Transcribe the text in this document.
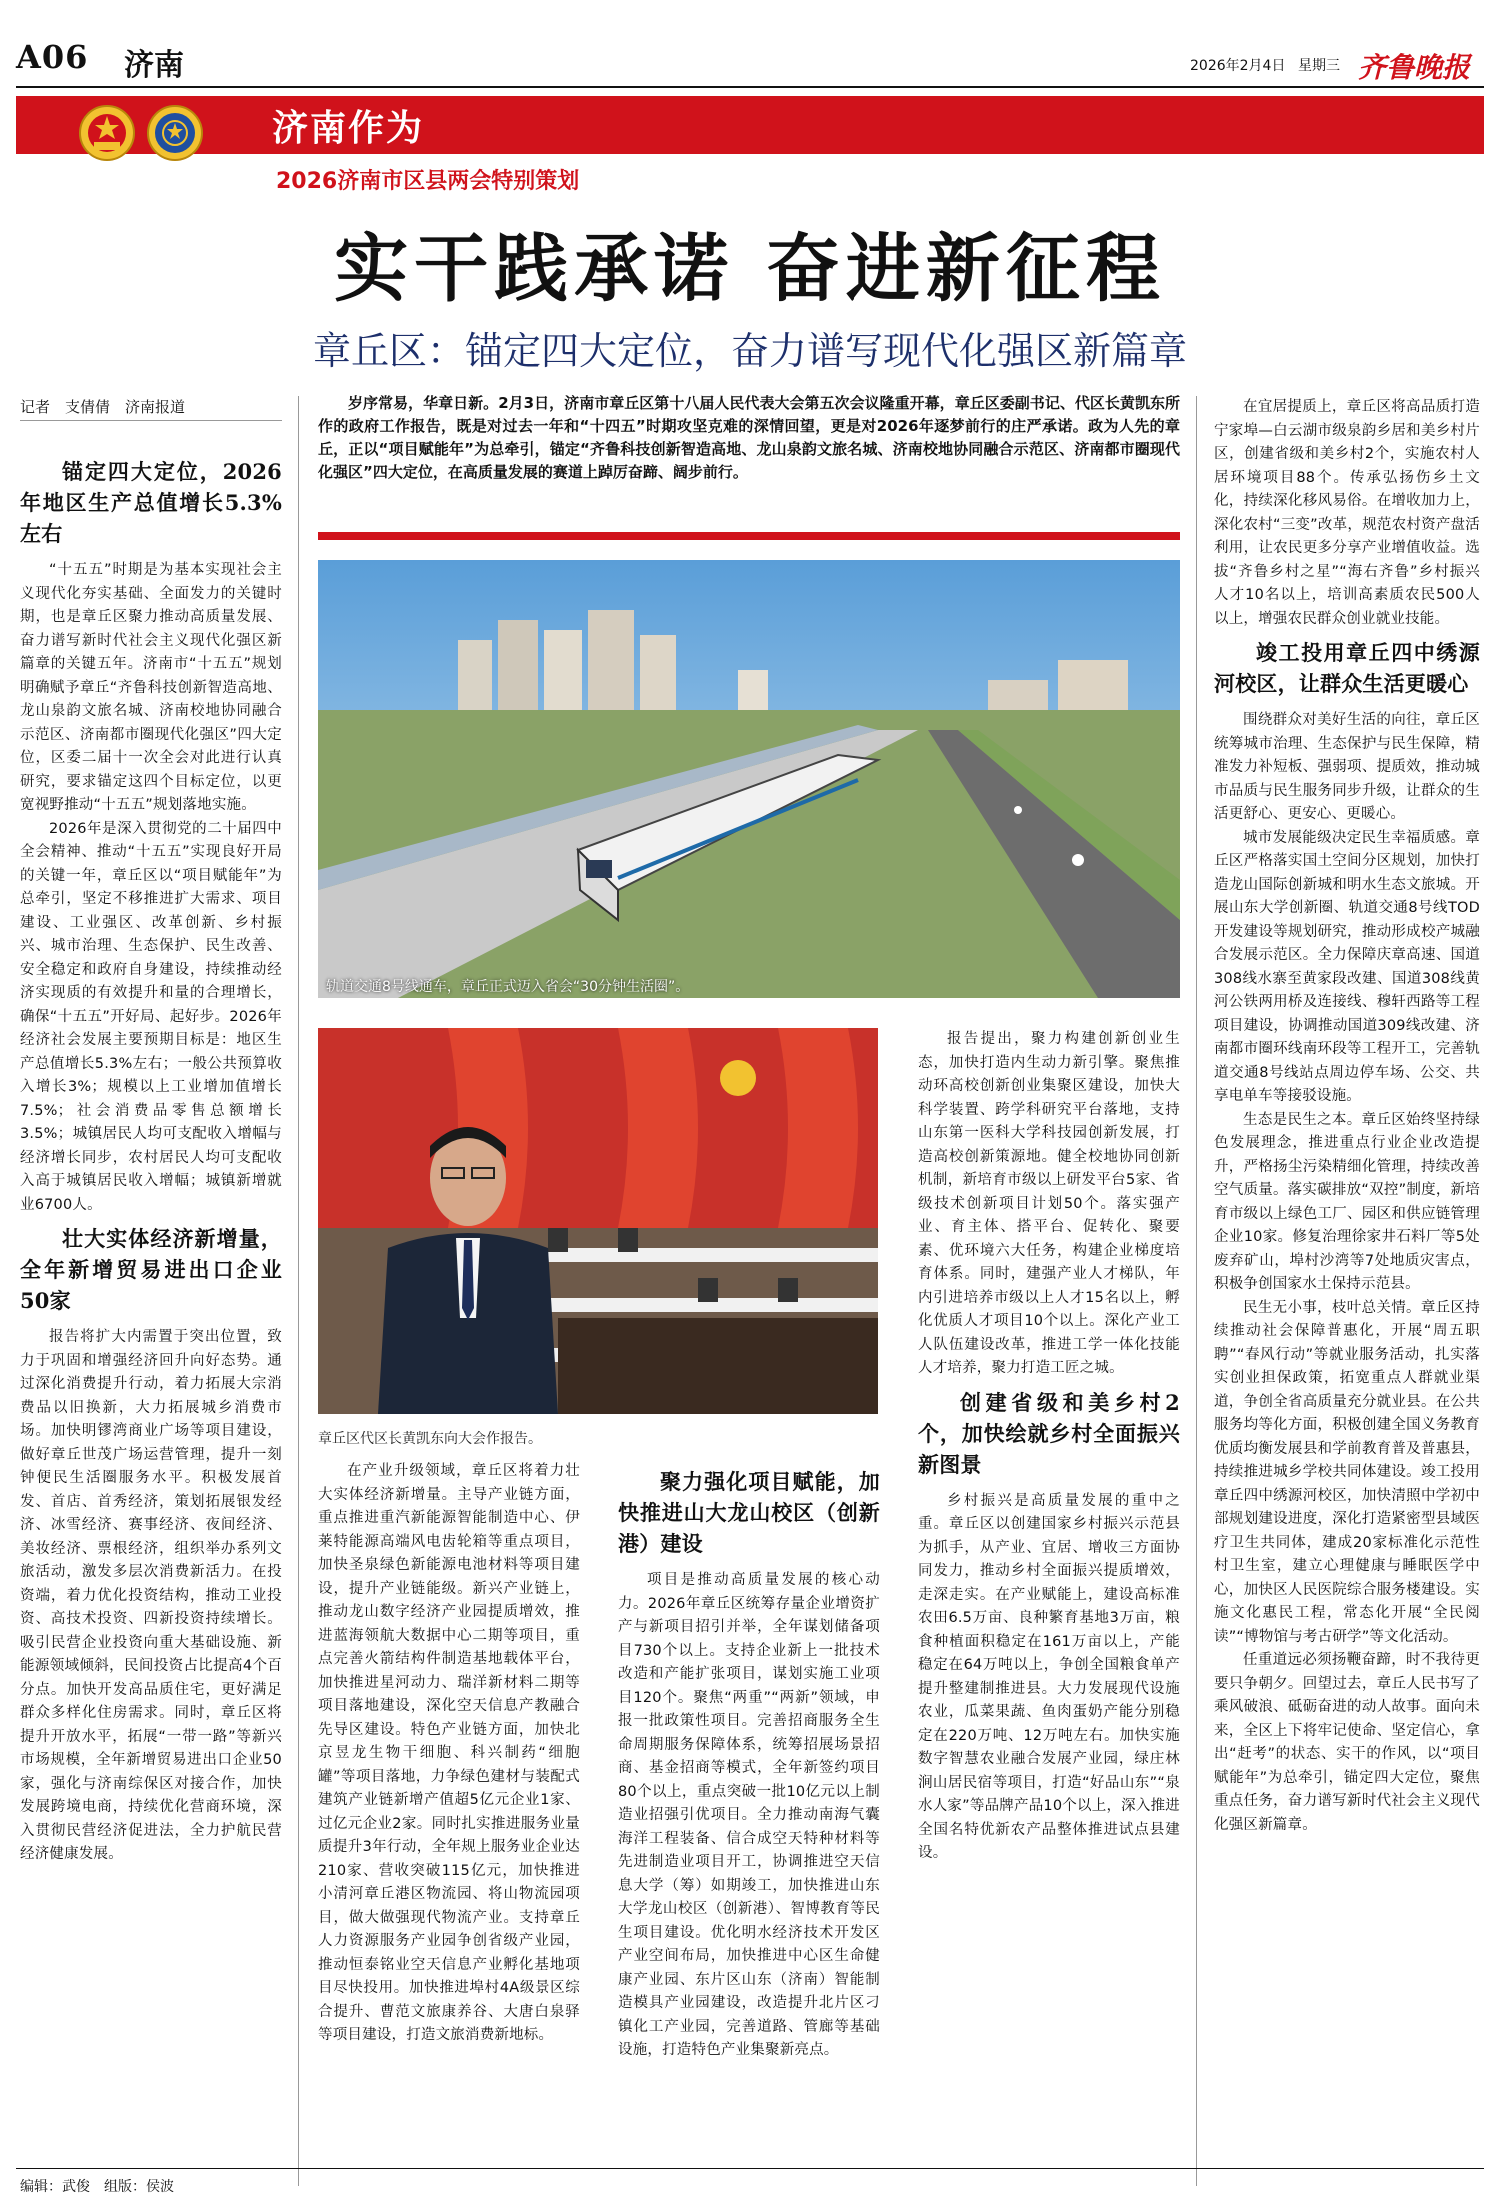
A06 济南	2026年2月4日 星期三 齐鲁晚报
济南作为
2026济南市区县两会特别策划
实干践承诺 奋进新征程
章丘区：锚定四大定位，奋力谱写现代化强区新篇章
记者　支倩倩　济南报道	岁序常易，华章日新。2月3日，济南市章丘区第十八届人民代表大会第五次会议隆重开幕，章丘区委副书记、代区长黄凯东所作的政府工作报告，既是对过去一年和“十四五”时期攻坚克难的深情回望，更是对2026年逐梦前行的庄严承诺。政为人先的章丘，正以“项目赋能年”为总牵引，锚定“齐鲁科技创新智造高地、龙山泉韵文旅名城、济南校地协同融合示范区、济南都市圈现代化强区”四大定位，在高质量发展的赛道上踔厉奋蹄、阔步前行。
轨道交通8号线通车，章丘正式迈入省会“30分钟生活圈”。
章丘区代区长黄凯东向大会作报告。
锚定四大定位，2026年地区生产总值增长5.3%左右

“十五五”时期是为基本实现社会主义现代化夯实基础、全面发力的关键时期，也是章丘区聚力推动高质量发展、奋力谱写新时代社会主义现代化强区新篇章的关键五年。济南市“十五五”规划明确赋予章丘“齐鲁科技创新智造高地、龙山泉韵文旅名城、济南校地协同融合示范区、济南都市圈现代化强区”四大定位，区委二届十一次全会对此进行认真研究，要求锚定这四个目标定位，以更宽视野推动“十五五”规划落地实施。

2026年是深入贯彻党的二十届四中全会精神、推动“十五五”实现良好开局的关键一年，章丘区以“项目赋能年”为总牵引，坚定不移推进扩大需求、项目建设、工业强区、改革创新、乡村振兴、城市治理、生态保护、民生改善、安全稳定和政府自身建设，持续推动经济实现质的有效提升和量的合理增长，确保“十五五”开好局、起好步。2026年经济社会发展主要预期目标是：地区生产总值增长5.3%左右；一般公共预算收入增长3%；规模以上工业增加值增长7.5%；社会消费品零售总额增长3.5%；城镇居民人均可支配收入增幅与经济增长同步，农村居民人均可支配收入高于城镇居民收入增幅；城镇新增就业6700人。

壮大实体经济新增量，全年新增贸易进出口企业50家

报告将扩大内需置于突出位置，致力于巩固和增强经济回升向好态势。通过深化消费提升行动，着力拓展大宗消费品以旧换新，大力拓展城乡消费市场。加快明镠湾商业广场等项目建设，做好章丘世茂广场运营管理，提升一刻钟便民生活圈服务水平。积极发展首发、首店、首秀经济，策划拓展银发经济、冰雪经济、赛事经济、夜间经济、美妆经济、票根经济，组织举办系列文旅活动，激发多层次消费新活力。在投资端，着力优化投资结构，推动工业投资、高技术投资、四新投资持续增长。吸引民营企业投资向重大基础设施、新能源领域倾斜，民间投资占比提高4个百分点。加快开发高品质住宅，更好满足群众多样化住房需求。同时，章丘区将提升开放水平，拓展“一带一路”等新兴市场规模，全年新增贸易进出口企业50家，强化与济南综保区对接合作，加快发展跨境电商，持续优化营商环境，深入贯彻民营经济促进法，全力护航民营经济健康发展。

在产业升级领域，章丘区将着力壮大实体经济新增量。主导产业链方面，重点推进重汽新能源智能制造中心、伊莱特能源高端风电齿轮箱等重点项目，加快圣泉绿色新能源电池材料等项目建设，提升产业链能级。新兴产业链上，推动龙山数字经济产业园提质增效，推进蓝海领航大数据中心二期等项目，重点完善火箭结构件制造基地载体平台，加快推进星河动力、瑞洋新材料二期等项目落地建设，深化空天信息产教融合先导区建设。特色产业链方面，加快北京昱龙生物干细胞、科兴制药“细胞罐”等项目落地，力争绿色建材与装配式建筑产业链新增产值超5亿元企业1家、过亿元企业2家。同时扎实推进服务业量质提升3年行动，全年规上服务业企业达210家、营收突破115亿元，加快推进小清河章丘港区物流园、将山物流园项目，做大做强现代物流产业。支持章丘人力资源服务产业园争创省级产业园，推动恒泰铭业空天信息产业孵化基地项目尽快投用。加快推进埠村4A级景区综合提升、曹范文旅康养谷、大唐白泉驿等项目建设，打造文旅消费新地标。

聚力强化项目赋能，加快推进山大龙山校区（创新港）建设

项目是推动高质量发展的核心动力。2026年章丘区统筹存量企业增资扩产与新项目招引并举，全年谋划储备项目730个以上。支持企业新上一批技术改造和产能扩张项目，谋划实施工业项目120个。聚焦“两重”“两新”领域，申报一批政策性项目。完善招商服务全生命周期服务保障体系，统筹招展场景招商、基金招商等模式，全年新签约项目80个以上，重点突破一批10亿元以上制造业招强引优项目。全力推动南海气囊海洋工程装备、信合成空天特种材料等先进制造业项目开工，协调推进空天信息大学（筹）如期竣工，加快推进山东大学龙山校区（创新港）、智博教育等民生项目建设。优化明水经济技术开发区产业空间布局，加快推进中心区生命健康产业园、东片区山东（济南）智能制造模具产业园建设，改造提升北片区刁镇化工产业园，完善道路、管廊等基础设施，打造特色产业集聚新亮点。

报告提出，聚力构建创新创业生态，加快打造内生动力新引擎。聚焦推动环高校创新创业集聚区建设，加快大科学装置、跨学科研究平台落地，支持山东第一医科大学科技园创新发展，打造高校创新策源地。健全校地协同创新机制，新培育市级以上研发平台5家、省级技术创新项目计划50个。落实强产业、育主体、搭平台、促转化、聚要素、优环境六大任务，构建企业梯度培育体系。同时，建强产业人才梯队，年内引进培养市级以上人才15名以上，孵化优质人才项目10个以上。深化产业工人队伍建设改革，推进工学一体化技能人才培养，聚力打造工匠之城。

创建省级和美乡村2个，加快绘就乡村全面振兴新图景

乡村振兴是高质量发展的重中之重。章丘区以创建国家乡村振兴示范县为抓手，从产业、宜居、增收三方面协同发力，推动乡村全面振兴提质增效，走深走实。在产业赋能上，建设高标准农田6.5万亩、良种繁育基地3万亩，粮食种植面积稳定在161万亩以上，产能稳定在64万吨以上，争创全国粮食单产提升整建制推进县。大力发展现代设施农业，瓜菜果蔬、鱼肉蛋奶产能分别稳定在220万吨、12万吨左右。加快实施数字智慧农业融合发展产业园，绿庄林涧山居民宿等项目，打造“好品山东”“泉水人家”等品牌产品10个以上，深入推进全国名特优新农产品整体推进试点县建设。

在宜居提质上，章丘区将高品质打造宁家埠—白云湖市级泉韵乡居和美乡村片区，创建省级和美乡村2个，实施农村人居环境项目88个。传承弘扬伤乡土文化，持续深化移风易俗。在增收加力上，深化农村“三变”改革，规范农村资产盘活利用，让农民更多分享产业增值收益。选拔“齐鲁乡村之星”“海右齐鲁”乡村振兴人才10名以上，培训高素质农民500人以上，增强农民群众创业就业技能。

竣工投用章丘四中绣源河校区，让群众生活更暖心

围绕群众对美好生活的向往，章丘区统筹城市治理、生态保护与民生保障，精准发力补短板、强弱项、提质效，推动城市品质与民生服务同步升级，让群众的生活更舒心、更安心、更暖心。

城市发展能级决定民生幸福质感。章丘区严格落实国土空间分区规划，加快打造龙山国际创新城和明水生态文旅城。开展山东大学创新圈、轨道交通8号线TOD开发建设等规划研究，推动形成校产城融合发展示范区。全力保障庆章高速、国道308线水寨至黄家段改建、国道308线黄河公铁两用桥及连接线、穆轩西路等工程项目建设，协调推动国道309线改建、济南都市圈环线南环段等工程开工，完善轨道交通8号线站点周边停车场、公交、共享电单车等接驳设施。

生态是民生之本。章丘区始终坚持绿色发展理念，推进重点行业企业改造提升，严格扬尘污染精细化管理，持续改善空气质量。落实碳排放“双控”制度，新培育市级以上绿色工厂、园区和供应链管理企业10家。修复治理徐家井石料厂等5处废弃矿山，埠村沙湾等7处地质灾害点，积极争创国家水土保持示范县。

民生无小事，枝叶总关情。章丘区持续推动社会保障普惠化，开展“周五职聘”“春风行动”等就业服务活动，扎实落实创业担保政策，拓宽重点人群就业渠道，争创全省高质量充分就业县。在公共服务均等化方面，积极创建全国义务教育优质均衡发展县和学前教育普及普惠县，持续推进城乡学校共同体建设。竣工投用章丘四中绣源河校区，加快清照中学初中部规划建设进度，深化打造紧密型县域医疗卫生共同体，建成20家标准化示范性村卫生室，建立心理健康与睡眠医学中心，加快区人民医院综合服务楼建设。实施文化惠民工程，常态化开展“全民阅读”“博物馆与考古研学”等文化活动。

任重道远必须扬鞭奋蹄，时不我待更要只争朝夕。回望过去，章丘人民书写了乘风破浪、砥砺奋进的动人故事。面向未来，全区上下将牢记使命、坚定信心，拿出“赶考”的状态、实干的作风，以“项目赋能年”为总牵引，锚定四大定位，聚焦重点任务，奋力谱写新时代社会主义现代化强区新篇章。

编辑：武俊　组版：侯波
